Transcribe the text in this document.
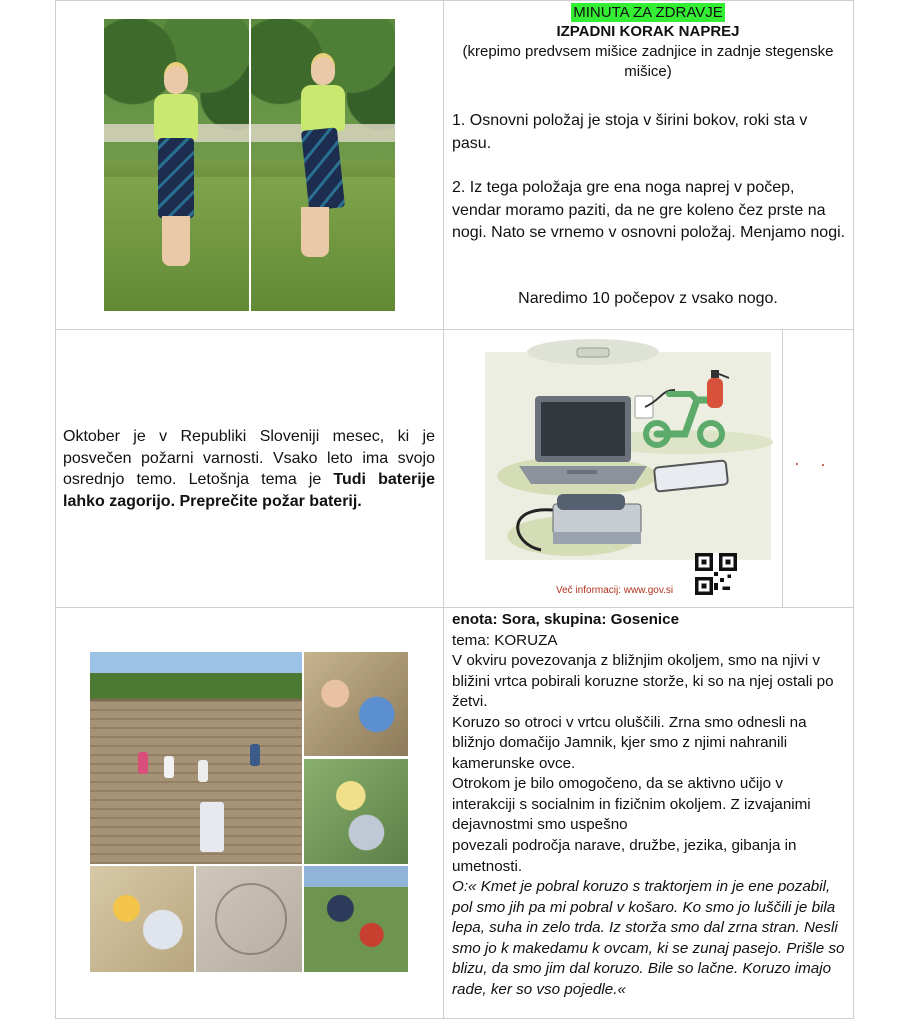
MINUTA ZA ZDRAVJE
IZPADNI KORAK NAPREJ
(krepimo predvsem mišice zadnjice in zadnje stegenske mišice)
1. Osnovni položaj je stoja v širini bokov, roki sta v pasu.
2. Iz tega položaja gre ena noga naprej v počep, vendar moramo paziti, da ne gre koleno čez prste na nogi. Nato se vrnemo v osnovni položaj. Menjamo nogi.
Naredimo 10 počepov z vsako nogo.
Oktober je v Republiki Sloveniji mesec, ki je posvečen požarni varnosti. Vsako leto ima svojo osrednjo temo. Letošnja tema je Tudi baterije lahko zagorijo. Preprečite požar baterij.
Več informacij: www.gov.si

enota: Sora, skupina: Gosenice

tema: KORUZA

V okviru povezovanja z bližnjim okoljem, smo na njivi v bližini vrtca pobirali koruzne storže, ki so na njej ostali po žetvi.

Koruzo so otroci v vrtcu oluščili. Zrna smo odnesli na bližnjo domačijo Jamnik, kjer smo z njimi nahranili kamerunske ovce.

Otrokom je bilo omogočeno, da se aktivno učijo v interakciji s socialnim in fizičnim okoljem. Z izvajanimi dejavnostmi smo uspešno

povezali področja narave, družbe, jezika, gibanja in umetnosti.

O:« Kmet je pobral koruzo s traktorjem in je ene pozabil, pol smo jih pa mi pobral v košaro. Ko smo jo luščili je bila lepa, suha in zelo trda. Iz storža smo dal zrna stran. Nesli smo jo k makedamu k ovcam, ki se zunaj pasejo. Prišle so blizu, da smo jim dal koruzo. Bile so lačne. Koruzo imajo rade, ker so vso pojedle.«
